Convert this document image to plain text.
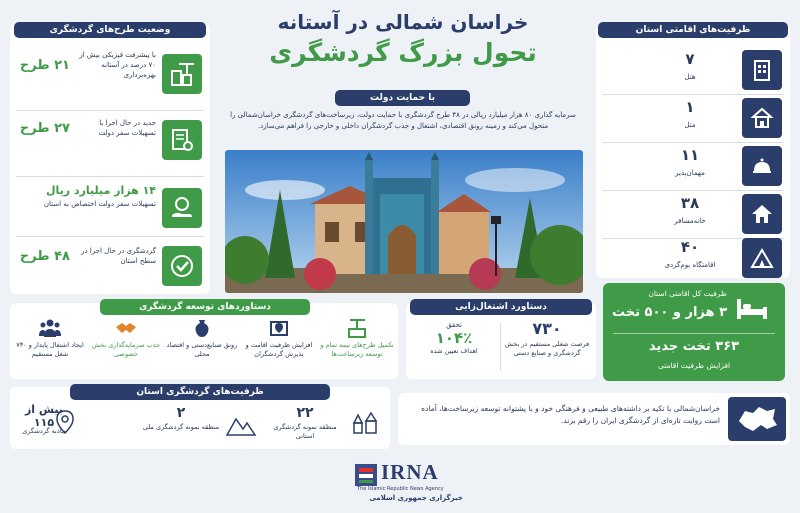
وضعیت طرح‌های گردشگری
با پیشرفت فیزیکی بیش از ۷۰ درصد در آستانه بهره‌برداری
۲۱ طرح
جدید در حال اجرا با تسهیلات سفر دولت
۲۷ طرح
۱۴ هزار میلیارد ریال
تسهیلات سفر دولت اختصاص به استان
گردشگری در حال اجرا در سطح استان
۴۸ طرح
خراسان شمالی در آستانه
تحول بزرگ گردشگری
با حمایت دولت
سرمایه گذاری ۸۰ هزار میلیارد ریالی در ۴۸ طرح گردشگری با حمایت دولت، زیرساخت‌های گردشگری خراسان‌شمالی را متحول می‌کند و زمینه رونق اقتصادی، اشتغال و جذب گردشگران داخلی و خارجی را فراهم می‌سازد.
ظرفیت‌های اقامتی استان
۷
هتل
۱
متل
۱۱
مهمان‌پذیر
۳۸
خانه‌مسافر
۴۰
اقامتگاه بوم‌گردی
ظرفیت کل اقامتی استان
۳ هزار و ۵۰۰ تخت
۳۶۳ تخت جدید
افزایش ظرفیت اقامتی
دستاوردهای توسعه گردشگری
تکمیل طرح‌های نیمه تمام و توسعه زیرساخت‌ها
افزایش ظرفیت اقامت و پذیرش گردشگران
رونق صنایع‌دستی و اقتصاد محلی
جذب سرمایه‌گذاری بخش خصوصی
ایجاد اشتغال پایدار و ۷۳۰ شغل مستقیم
دستاورد اشتغال‌زایی
۷۳۰
فرصت شغلی مستقیم در بخش گردشگری و صنایع دستی
تحقق
۱۰۴٪
اهداف تعیین شده
ظرفیت‌های گردشگری استان
۲۲
منطقه نمونه گردشگری استانی
۲
منطقه نمونه گردشگری ملی
بیش از ۱۱۵
جاذبه گردشگری
خراسان‌شمالی با تکیه بر داشته‌های طبیعی و فرهنگی خود و با پشتوانه توسعه زیرساخت‌ها، آماده است روایت تازه‌ای از گردشگری ایران را رقم بزند.
IRNA
The Islamic Republic News Agency
خبرگزاری جمهوری اسلامی
